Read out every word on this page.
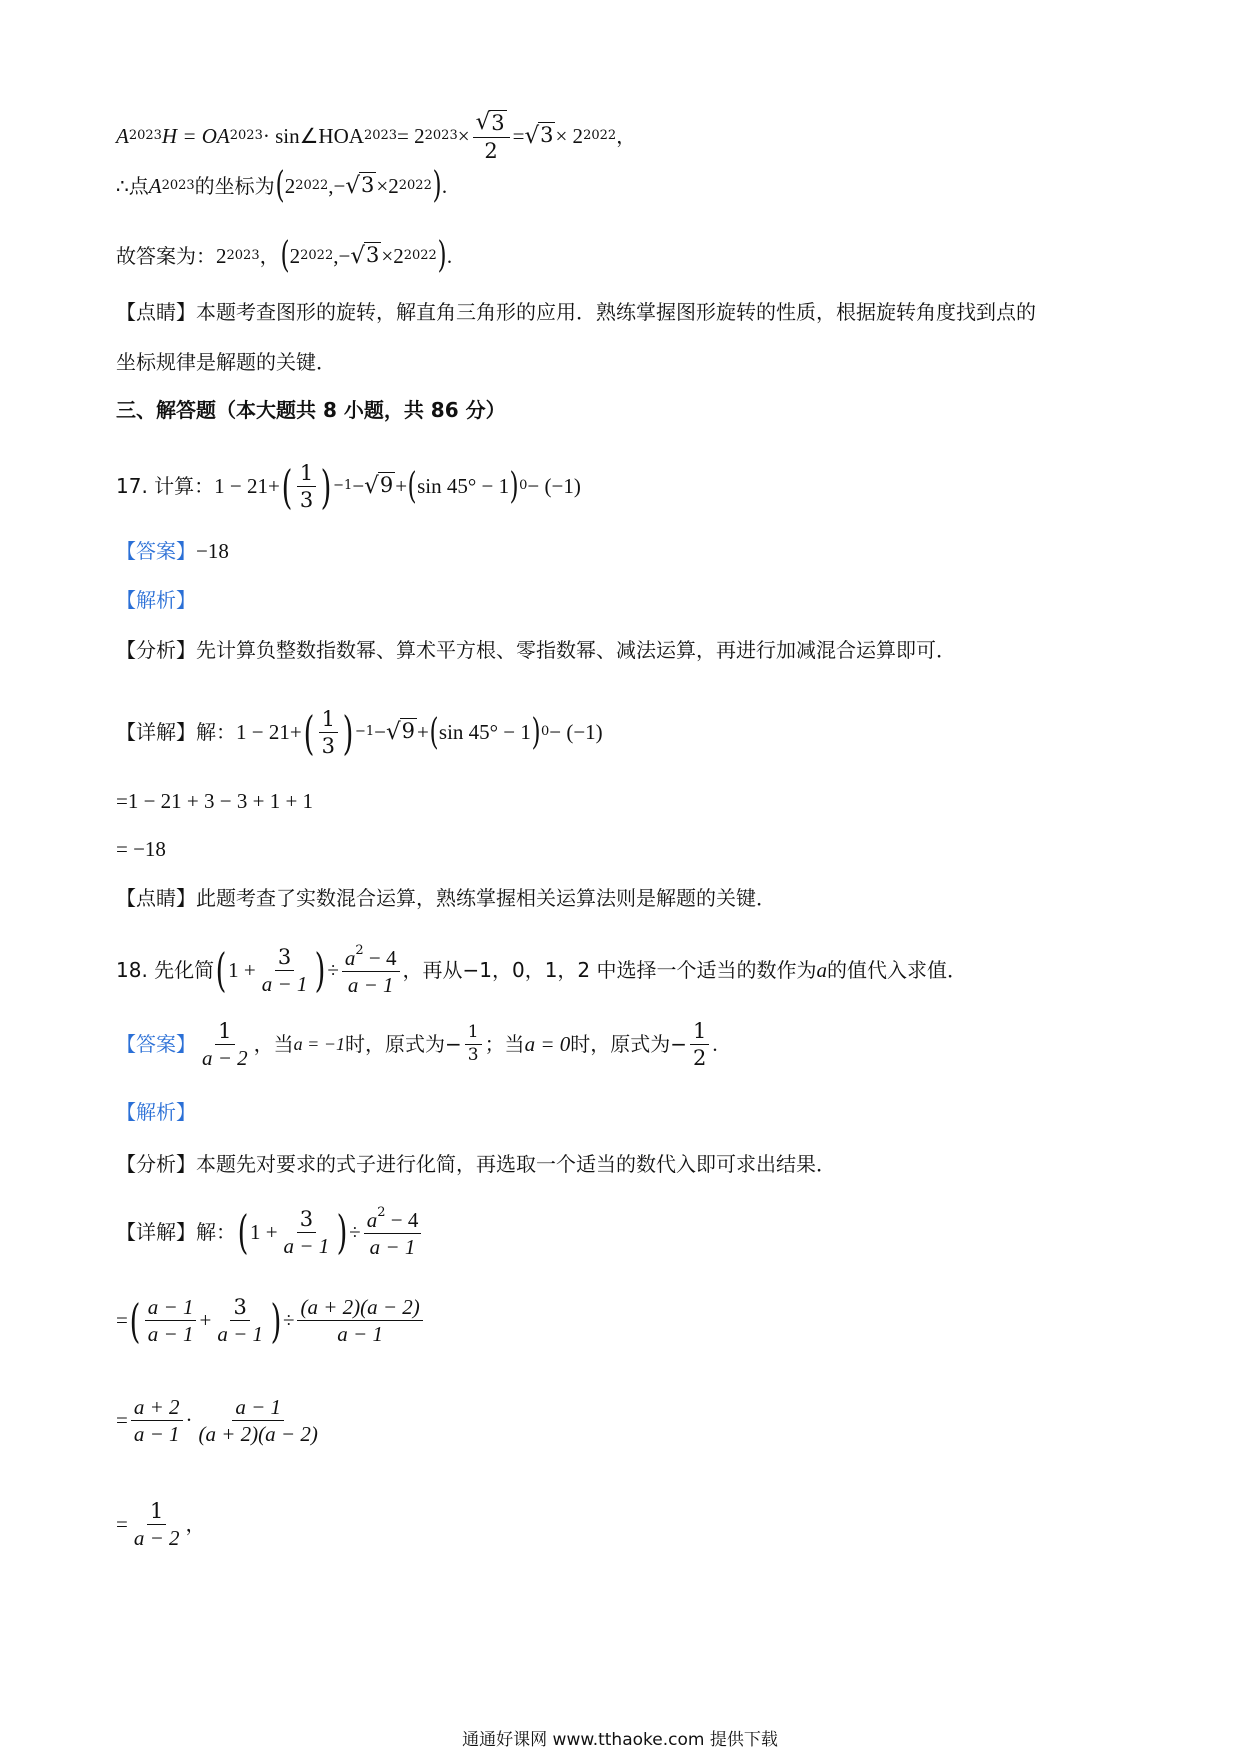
A 2023 H = OA 2023 · sin∠HOA 2023 = 2 $2023 \times \frac{√ 3}{2}$ = √ 3 × 2 2022 ，
∴点 A 2023 的坐标为 ( 2 2022 ,− √ 3 ×2 2022 ) .
故答案为： 2 2023 ， ( 2 2022 ,− √ 3 ×2 2022 ) .
【点睛】 本题考查图形的旋转，解直角三角形的应用．熟练掌握图形旋转的性质，根据旋转角度找到点的
坐标规律是解题的关键．
三、解答题（本大题共 8 小题，共 86 分）
17. 计算： 1 − 2 1 + ( $\frac{1}{3}$ ) −1 − √ 9 + ( sin 45° − 1 ) 0 − (−1)
【答案】 −18
【解析】
【分析】 先计算负整数指数幂、算术平方根、零指数幂、减法运算，再进行加减混合运算即可．
【详解】 解： 1 − 2 1 + ( $\frac{1}{3}$ ) −1 − √ 9 + ( sin 45° − 1 ) 0 − (−1)
=1 − 21 + 3 − 3 + 1 + 1
= −18
【点睛】 此题考查了实数混合运算，熟练掌握相关运算法则是解题的关键．
18. 先化简 ( $1 + \frac{3}{a - 1}$ ) ÷ $\frac{a^2 - 4}{a - 1}$ ，再从−1，0，1，2 中选择一个适当的数作为 a 的值代入求值．
【答案】 $\frac{1}{a - 2}$ ，当 a = −1 时，原式为− $\frac{1}{3}$ ；当 a = 0 时，原式为− $\frac{1}{2}$ .
【解析】
【分析】 本题先对要求的式子进行化简，再选取一个适当的数代入即可求出结果．
【详解】 解： ( $1 + \frac{3}{a - 1}$ ) ÷ $\frac{a^2 - 4}{a - 1}$
= ( $\frac{a - 1}{a - 1} + \frac{3}{a - 1}$ ) ÷ $\frac{(a + 2)(a - 2)}{a - 1}$
= $\frac{a + 2}{a - 1} \cdot \frac{a - 1}{(a + 2)(a - 2)}$
= $\frac{1}{a - 2}$ ，
通通好课网 www.tthaoke.com 提供下载
